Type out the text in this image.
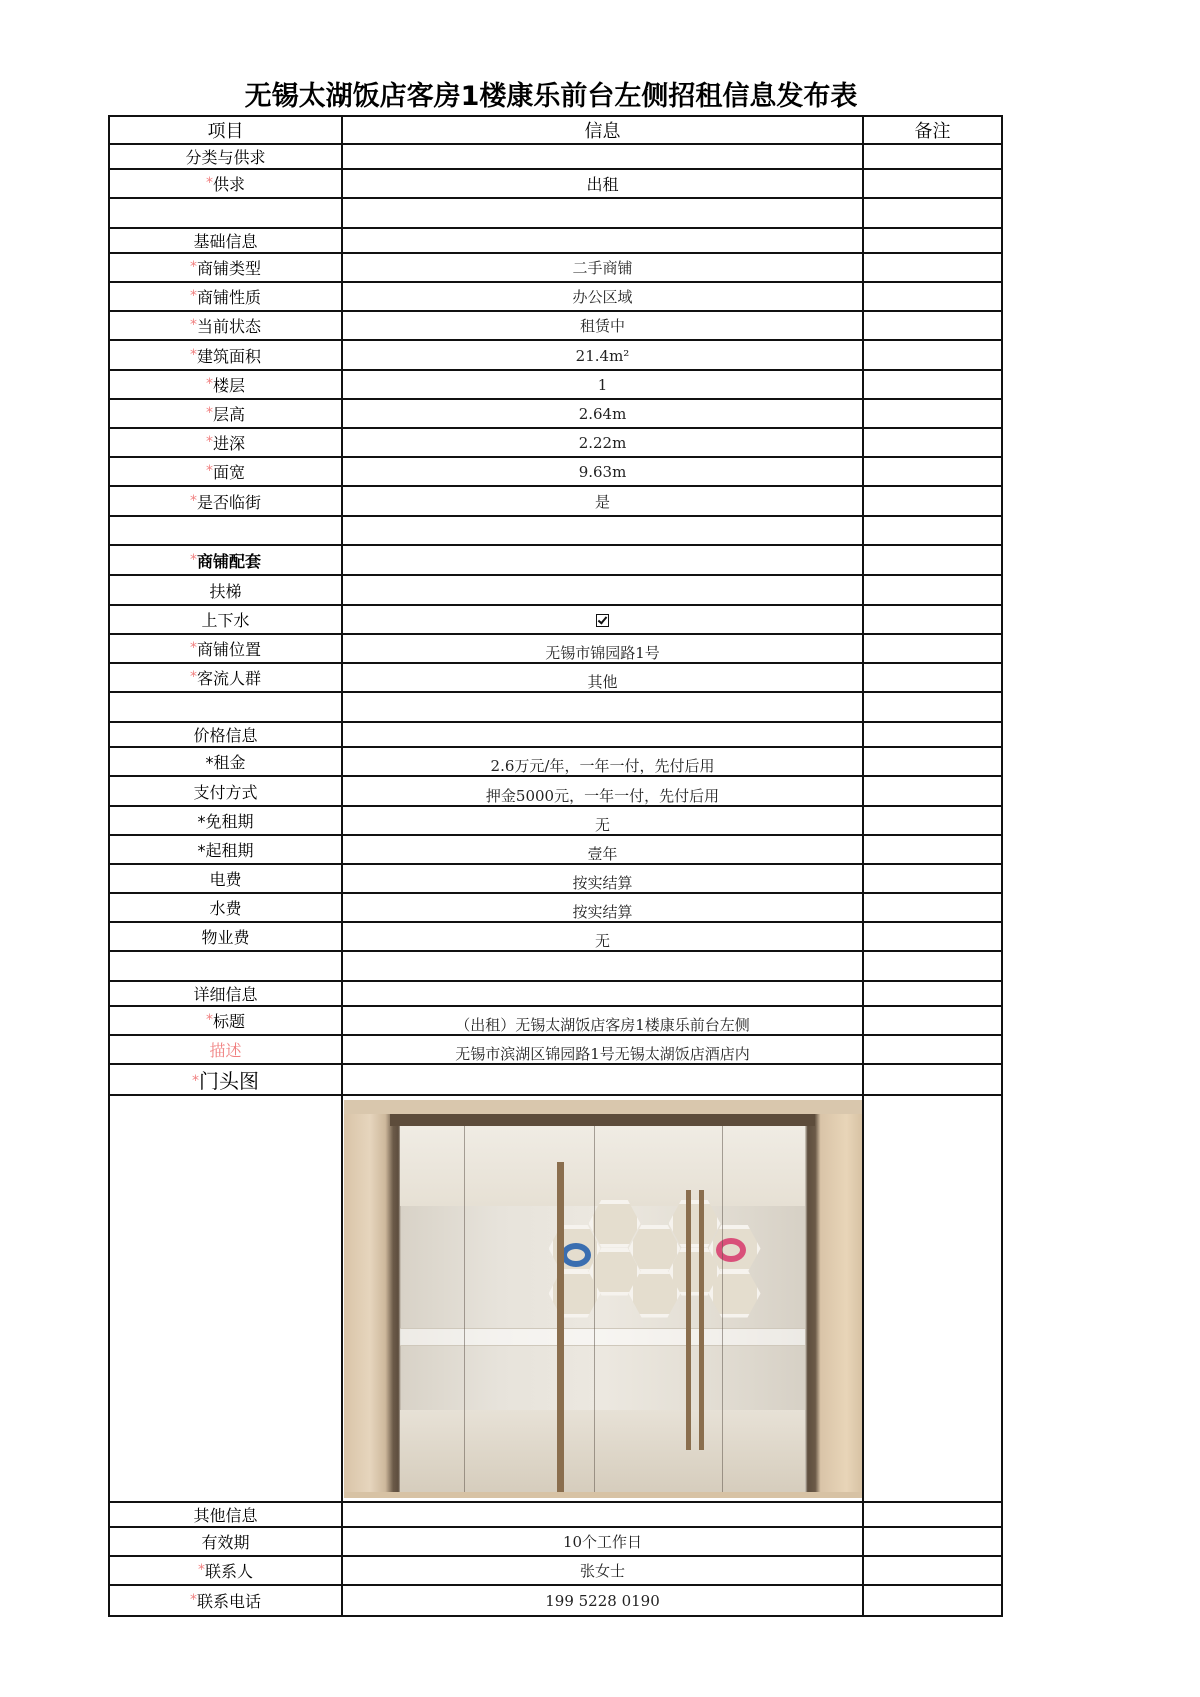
无锡太湖饭店客房1楼康乐前台左侧招租信息发布表
项目	信息	备注
分类与供求		
*供求	出租	

基础信息		
*商铺类型	二手商铺	
*商铺性质	办公区域	
*当前状态	租赁中	
*建筑面积	21.4m²	
*楼层	1	
*层高	2.64m	
*进深	2.22m	
*面宽	9.63m	
*是否临街	是	

*商铺配套		
扶梯		
上下水		
*商铺位置	无锡市锦园路1号	
*客流人群	其他	

价格信息		
*租金	2.6万元/年，一年一付，先付后用	
支付方式	押金5000元，一年一付，先付后用	
*免租期	无	
*起租期	壹年	
电费	按实结算	
水费	按实结算	
物业费	无	

详细信息		
*标题	（出租）无锡太湖饭店客房1楼康乐前台左侧	
描述	无锡市滨湖区锦园路1号无锡太湖饭店酒店内	
*门头图		

其他信息		
有效期	10个工作日	
*联系人	张女士	
*联系电话	199 5228 0190	
